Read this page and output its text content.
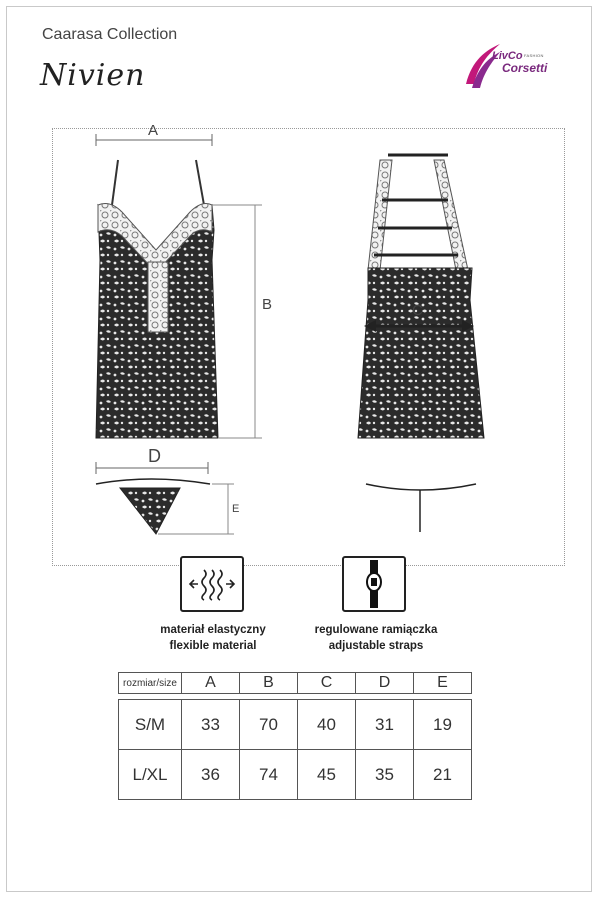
Caarasa Collection
Nivien
LivCo FASHION
Corsetti
A
B	C
D
E
materiał elastyczny
flexible material
regulowane ramiączka
adjustable straps
rozmiar/size	A	B	C	D	E

S/M	33	70	40	31	19
L/XL	36	74	45	35	21
